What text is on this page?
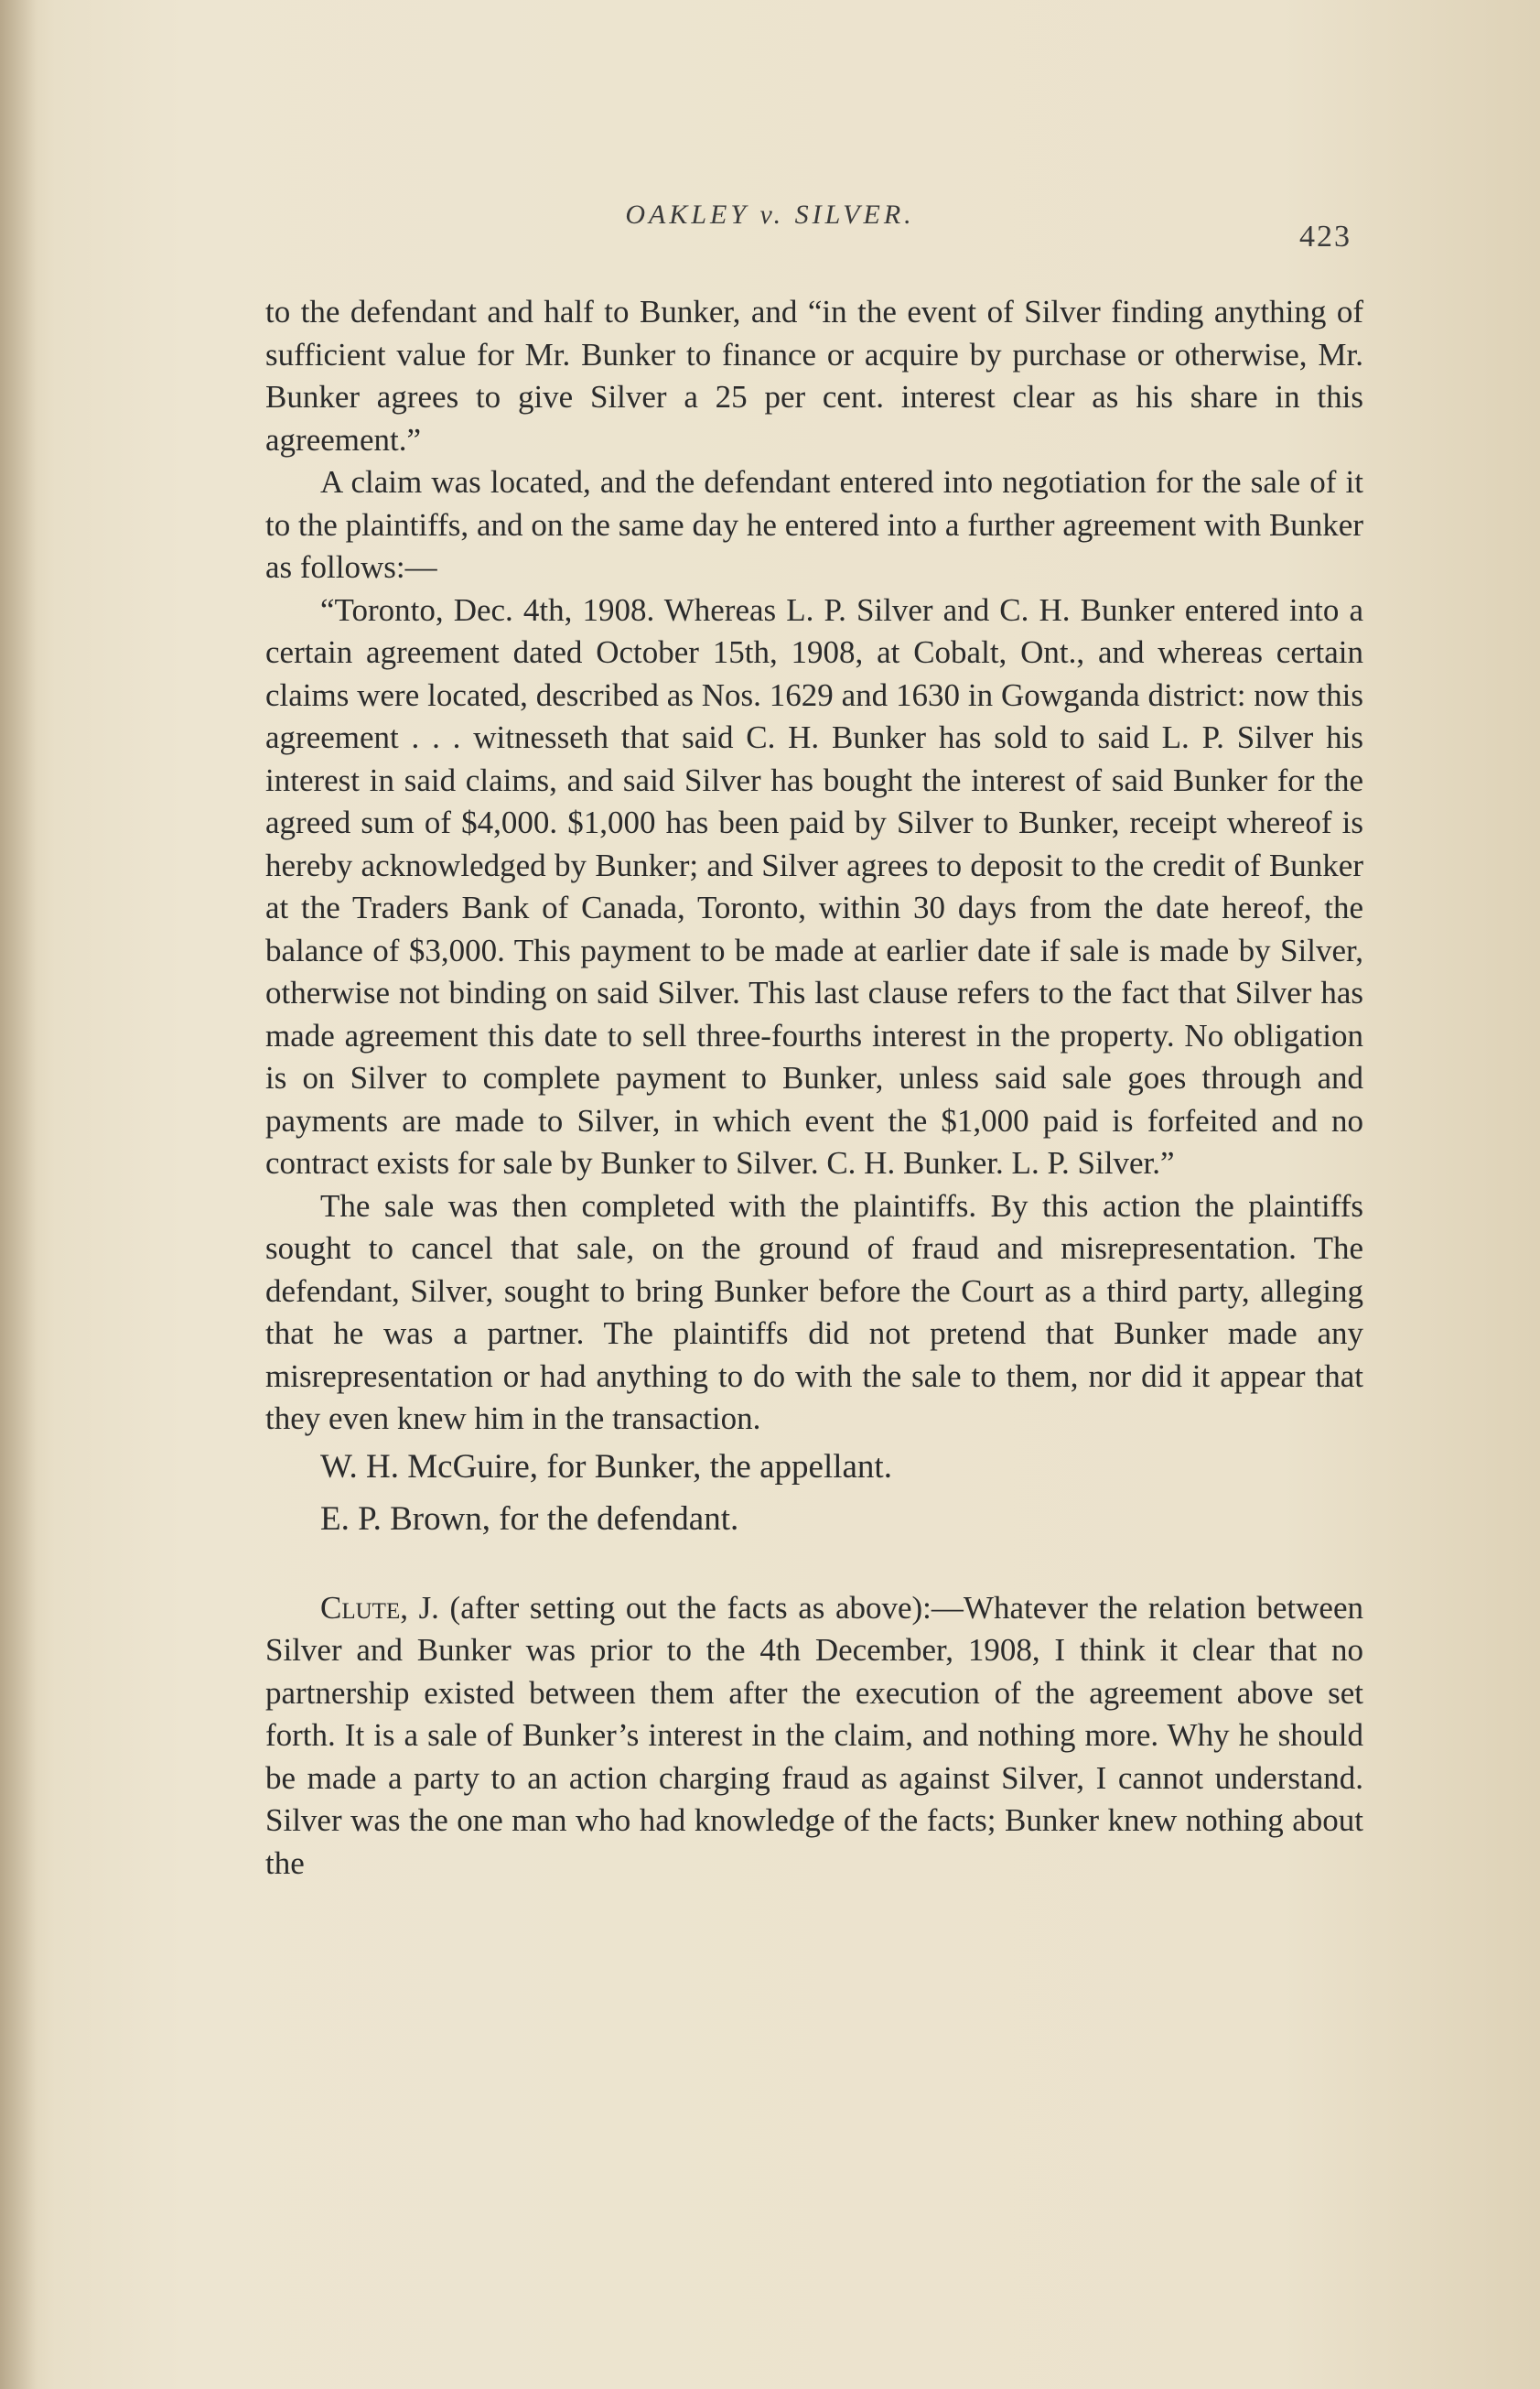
OAKLEY v. SILVER.
423

to the defendant and half to Bunker, and “in the event of Silver finding anything of sufficient value for Mr. Bunker to finance or acquire by purchase or otherwise, Mr. Bunker agrees to give Silver a 25 per cent. interest clear as his share in this agreement.”

A claim was located, and the defendant entered into negotiation for the sale of it to the plaintiffs, and on the same day he entered into a further agreement with Bunker as follows:—

“Toronto, Dec. 4th, 1908. Whereas L. P. Silver and C. H. Bunker entered into a certain agreement dated October 15th, 1908, at Cobalt, Ont., and whereas certain claims were located, described as Nos. 1629 and 1630 in Gowganda district: now this agreement . . . witnesseth that said C. H. Bunker has sold to said L. P. Silver his interest in said claims, and said Silver has bought the interest of said Bunker for the agreed sum of $4,000. $1,000 has been paid by Silver to Bunker, receipt whereof is hereby acknowledged by Bunker; and Silver agrees to deposit to the credit of Bunker at the Traders Bank of Canada, Toronto, within 30 days from the date hereof, the balance of $3,000. This payment to be made at earlier date if sale is made by Silver, otherwise not binding on said Silver. This last clause refers to the fact that Silver has made agreement this date to sell three-fourths interest in the property. No obligation is on Silver to complete payment to Bunker, unless said sale goes through and payments are made to Silver, in which event the $1,000 paid is forfeited and no contract exists for sale by Bunker to Silver. C. H. Bunker. L. P. Silver.”

The sale was then completed with the plaintiffs. By this action the plaintiffs sought to cancel that sale, on the ground of fraud and misrepresentation. The defendant, Silver, sought to bring Bunker before the Court as a third party, alleging that he was a partner. The plaintiffs did not pretend that Bunker made any misrepresentation or had anything to do with the sale to them, nor did it appear that they even knew him in the transaction.

W. H. McGuire, for Bunker, the appellant.

E. P. Brown, for the defendant.

Clute, J. (after setting out the facts as above):—Whatever the relation between Silver and Bunker was prior to the 4th December, 1908, I think it clear that no partnership existed between them after the execution of the agreement above set forth. It is a sale of Bunker’s interest in the claim, and nothing more. Why he should be made a party to an action charging fraud as against Silver, I cannot understand. Silver was the one man who had knowledge of the facts; Bunker knew nothing about the
